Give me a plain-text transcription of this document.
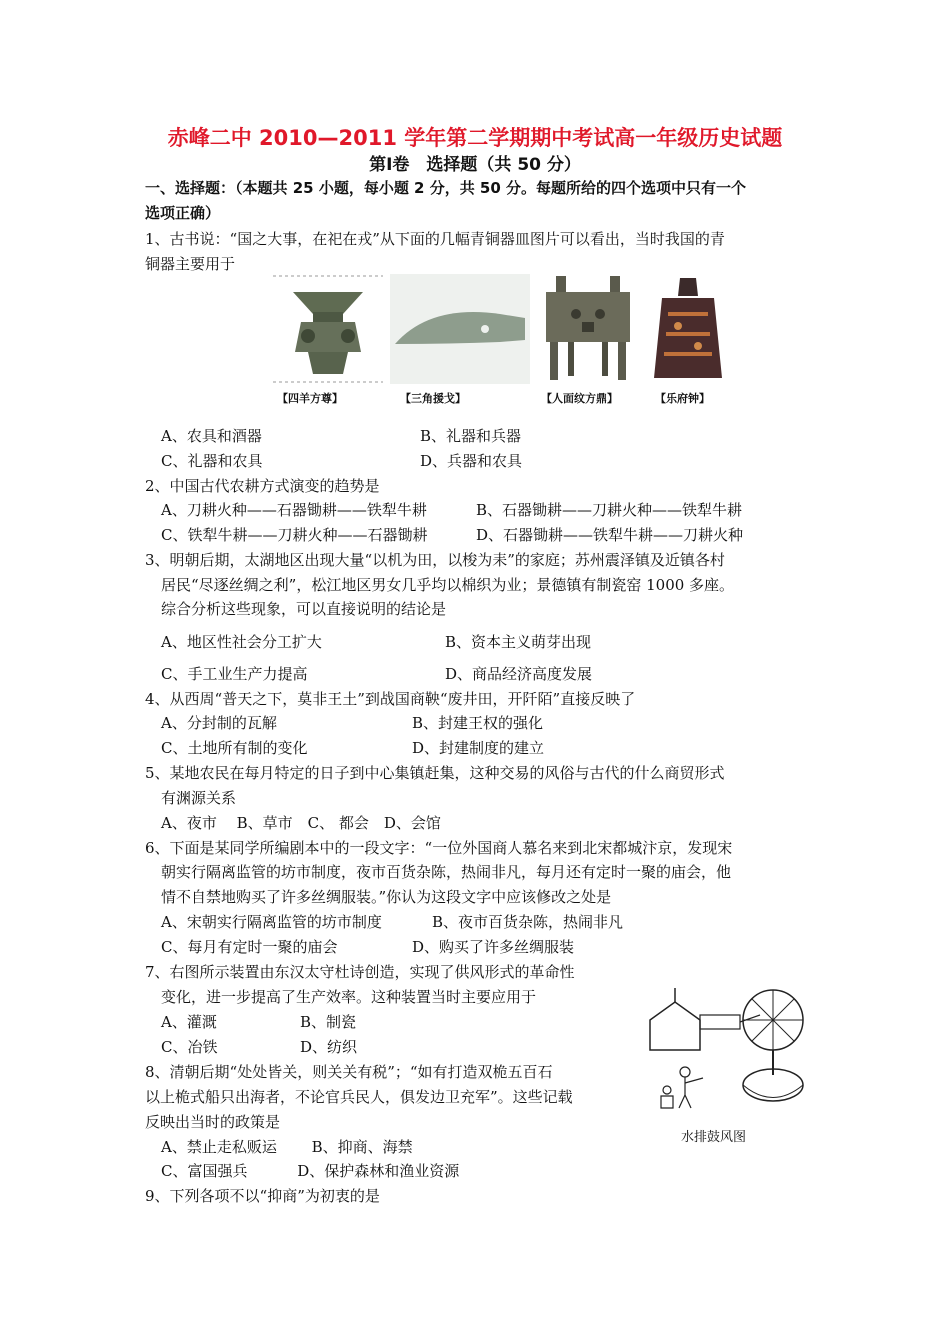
赤峰二中 2010—2011 学年第二学期期中考试高一年级历史试题
第Ⅰ卷　选择题（共 50 分）
一、选择题：（本题共 25 小题，每小题 2 分，共 50 分。每题所给的四个选项中只有一个
选项正确）
1、古书说：“国之大事，在祀在戎”从下面的几幅青铜器皿图片可以看出，当时我国的青
铜器主要用于
【四羊方尊】	【三角援戈】	【人面纹方鼎】	【乐府钟】
A、农具和酒器	B、礼器和兵器
C、礼器和农具	D、兵器和农具
2、中国古代农耕方式演变的趋势是
A、刀耕火种——石器锄耕——铁犁牛耕	B、石器锄耕——刀耕火种——铁犁牛耕
C、铁犁牛耕——刀耕火种——石器锄耕	D、石器锄耕——铁犁牛耕——刀耕火种
3、明朝后期，太湖地区出现大量“以机为田，以梭为耒”的家庭；苏州震泽镇及近镇各村
居民“尽逐丝绸之利”，松江地区男女几乎均以棉织为业；景德镇有制瓷窑 1000 多座。
综合分析这些现象，可以直接说明的结论是
A、地区性社会分工扩大	B、资本主义萌芽出现
C、手工业生产力提高	D、商品经济高度发展
4、从西周“普天之下，莫非王土”到战国商鞅“废井田，开阡陌”直接反映了
A、分封制的瓦解	B、封建王权的强化
C、土地所有制的变化	D、封建制度的建立
5、某地农民在每月特定的日子到中心集镇赶集，这种交易的风俗与古代的什么商贸形式
有渊源关系
A、夜市　 B、草市　C、 都会　D、会馆
6、下面是某同学所编剧本中的一段文字：“一位外国商人慕名来到北宋都城汴京，发现宋
朝实行隔离监管的坊市制度，夜市百货杂陈，热闹非凡，每月还有定时一聚的庙会，他
情不自禁地购买了许多丝绸服装。”你认为这段文字中应该修改之处是
A、宋朝实行隔离监管的坊市制度	B、夜市百货杂陈，热闹非凡
C、每月有定时一聚的庙会	D、购买了许多丝绸服装
7、右图所示装置由东汉太守杜诗创造，实现了供风形式的革命性
变化，进一步提高了生产效率。这种装置当时主要应用于
A、灌溉	B、制瓷
C、冶铁	D、纺织
水排鼓风图
8、清朝后期“处处皆关，则关关有税”；“如有打造双桅五百石
以上桅式船只出海者，不论官兵民人，俱发边卫充军”。这些记载
反映出当时的政策是
A、禁止走私贩运　 　B、抑商、海禁
C、富国强兵　　 　D、保护森林和渔业资源
9、下列各项不以“抑商”为初衷的是
